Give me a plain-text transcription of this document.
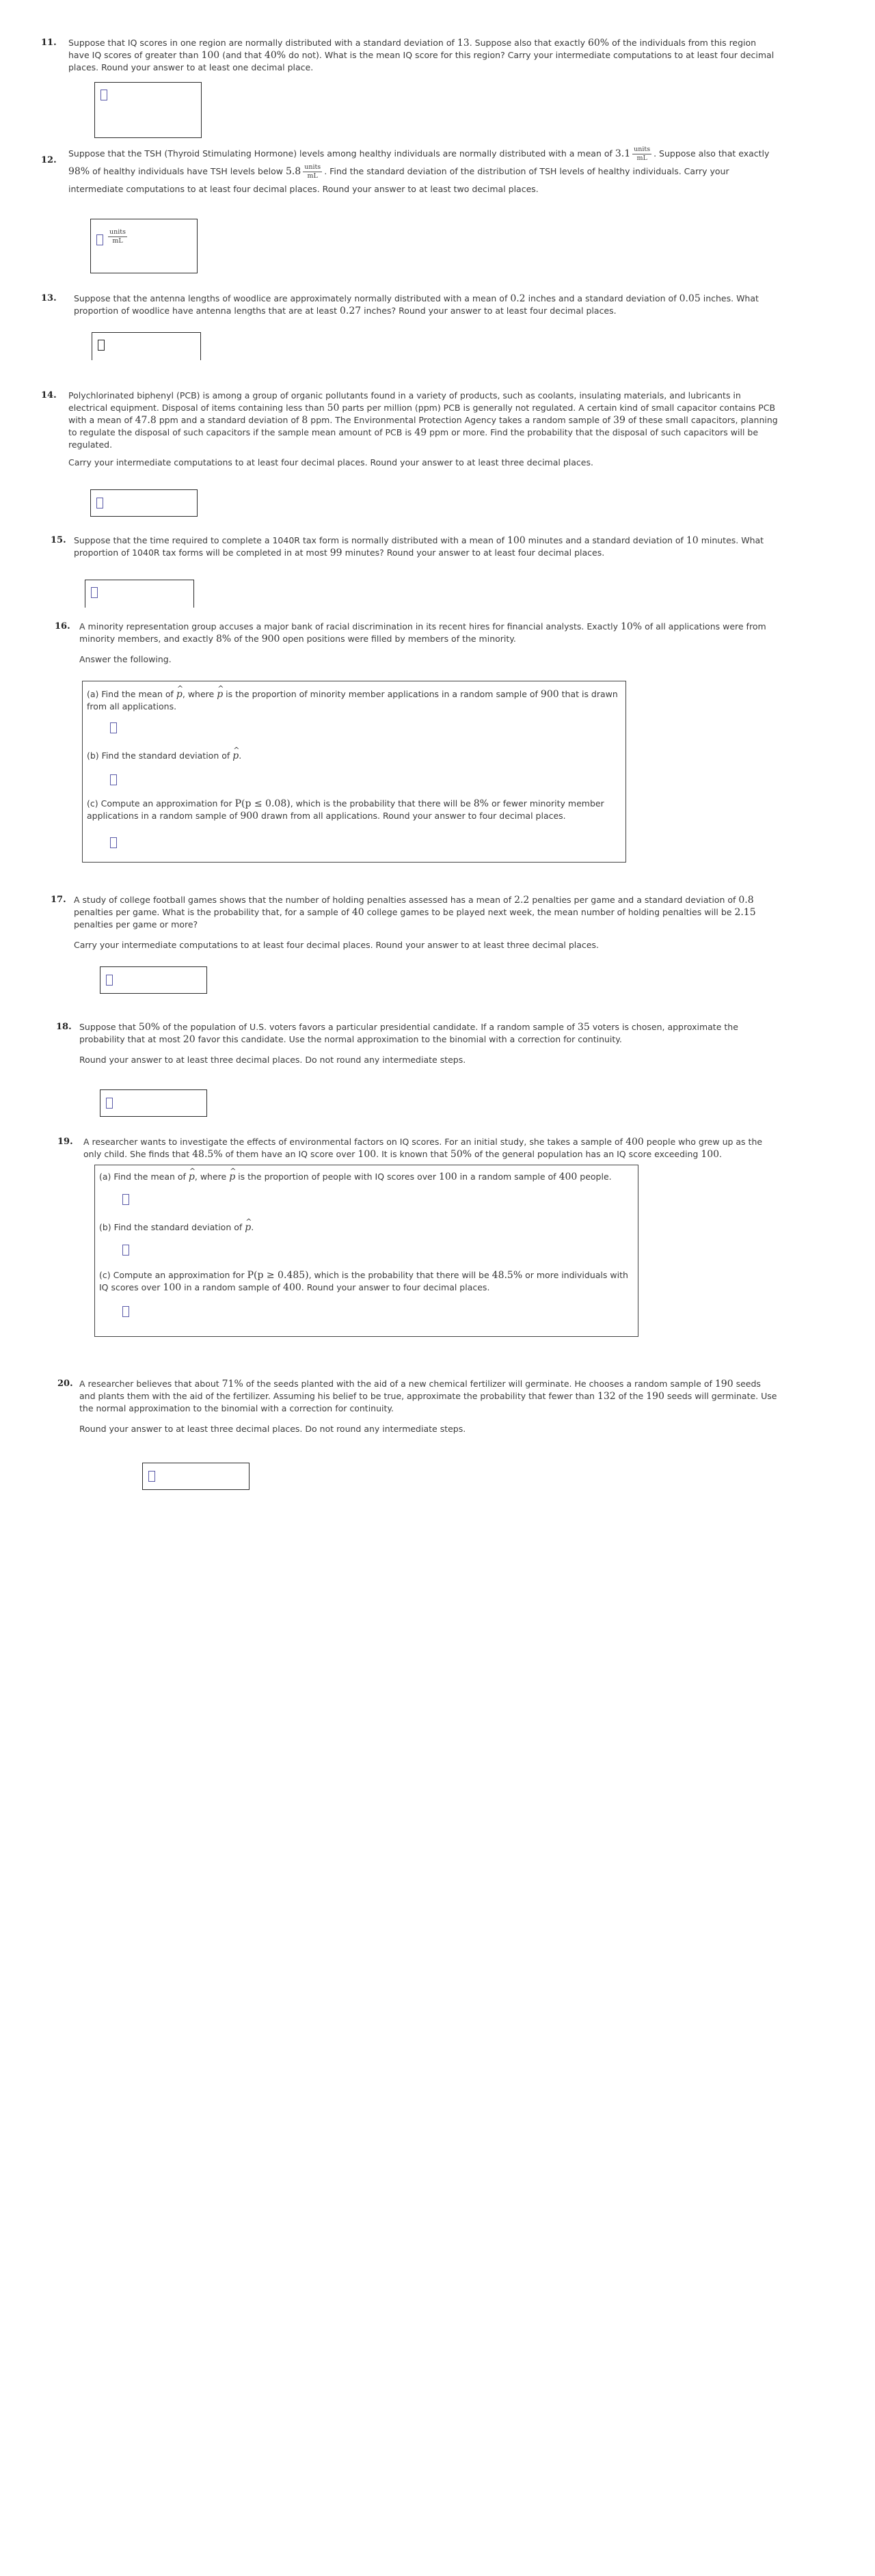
11. Suppose that IQ scores in one region are normally distributed with a standard deviation of 13. Suppose also that exactly 60% of the individuals from this region have IQ scores of greater than 100 (and that 40% do not). What is the mean IQ score for this region? Carry your intermediate computations to at least four decimal places. Round your answer to at least one decimal place.
12.
Suppose that the TSH (Thyroid Stimulating Hormone) levels among healthy individuals are normally distributed with a mean of $3.1 \frac{\text{units}}{mL}$ . Suppose also that exactly 98% of healthy individuals have TSH levels below $5.8 \frac{\text{units}}{mL}$ . Find the standard deviation of the distribution of TSH levels of healthy individuals. Carry your intermediate computations to at least four decimal places. Round your answer to at least two decimal places.
units
mL
13. Suppose that the antenna lengths of woodlice are approximately normally distributed with a mean of 0.2 inches and a standard deviation of 0.05 inches. What proportion of woodlice have antenna lengths that are at least 0.27 inches? Round your answer to at least four decimal places.
14. Polychlorinated biphenyl (PCB) is among a group of organic pollutants found in a variety of products, such as coolants, insulating materials, and lubricants in electrical equipment. Disposal of items containing less than 50 parts per million (ppm) PCB is generally not regulated. A certain kind of small capacitor contains PCB with a mean of 47.8 ppm and a standard deviation of 8 ppm. The Environmental Protection Agency takes a random sample of 39 of these small capacitors, planning to regulate the disposal of such capacitors if the sample mean amount of PCB is 49 ppm or more. Find the probability that the disposal of such capacitors will be regulated.

Carry your intermediate computations to at least four decimal places. Round your answer to at least three decimal places.

15. Suppose that the time required to complete a 1040R tax form is normally distributed with a mean of 100 minutes and a standard deviation of 10 minutes. What proportion of 1040R tax forms will be completed in at most 99 minutes? Round your answer to at least four decimal places.
16. A minority representation group accuses a major bank of racial discrimination in its recent hires for financial analysts. Exactly 10% of all applications were from minority members, and exactly 8% of the 900 open positions were filled by members of the minority.

Answer the following.

(a) Find the mean of ^ p, where ^ p is the proportion of minority member applications in a random sample of 900 that is drawn from all applications.
(b) Find the standard deviation of ^ p.
(c) Compute an approximation for P(p ≤ 0.08), which is the probability that there will be 8% or fewer minority member applications in a random sample of 900 drawn from all applications. Round your answer to four decimal places.
17. A study of college football games shows that the number of holding penalties assessed has a mean of 2.2 penalties per game and a standard deviation of 0.8 penalties per game. What is the probability that, for a sample of 40 college games to be played next week, the mean number of holding penalties will be 2.15 penalties per game or more?

Carry your intermediate computations to at least four decimal places. Round your answer to at least three decimal places.

18. Suppose that 50% of the population of U.S. voters favors a particular presidential candidate. If a random sample of 35 voters is chosen, approximate the probability that at most 20 favor this candidate. Use the normal approximation to the binomial with a correction for continuity.

Round your answer to at least three decimal places. Do not round any intermediate steps.

19. A researcher wants to investigate the effects of environmental factors on IQ scores. For an initial study, she takes a sample of 400 people who grew up as the only child. She finds that 48.5% of them have an IQ score over 100. It is known that 50% of the general population has an IQ score exceeding 100.
(a) Find the mean of ^ p, where ^ p is the proportion of people with IQ scores over 100 in a random sample of 400 people.
(b) Find the standard deviation of ^ p.
(c) Compute an approximation for P(p ≥ 0.485), which is the probability that there will be 48.5% or more individuals with IQ scores over 100 in a random sample of 400. Round your answer to four decimal places.
20. A researcher believes that about 71% of the seeds planted with the aid of a new chemical fertilizer will germinate. He chooses a random sample of 190 seeds and plants them with the aid of the fertilizer. Assuming his belief to be true, approximate the probability that fewer than 132 of the 190 seeds will germinate. Use the normal approximation to the binomial with a correction for continuity.

Round your answer to at least three decimal places. Do not round any intermediate steps.
